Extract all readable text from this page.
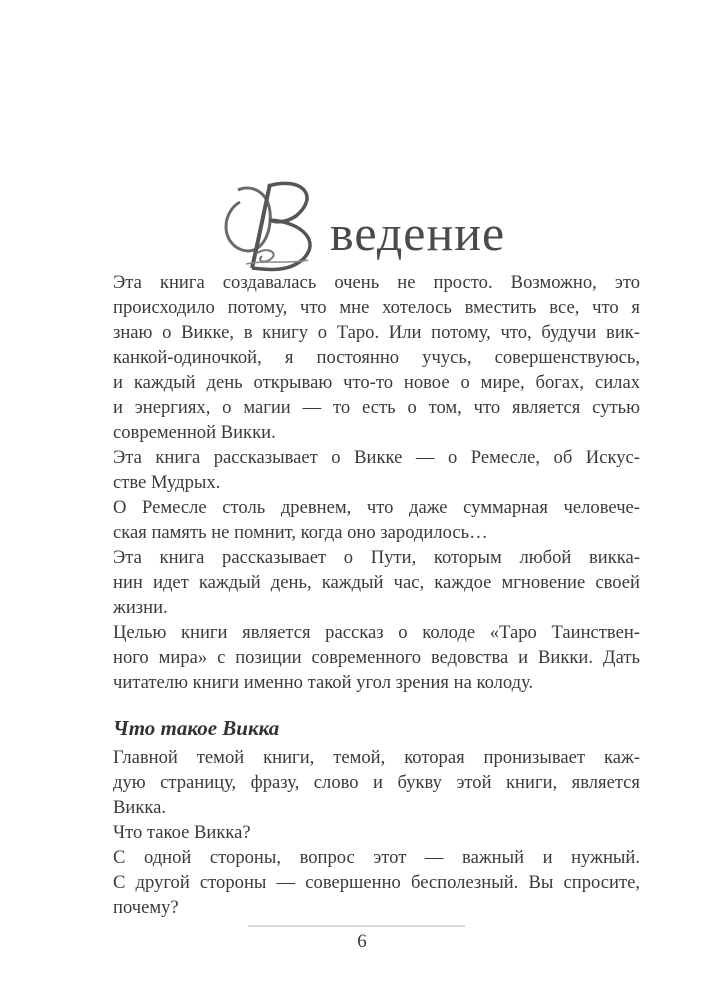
ведение
Эта книга создавалась очень не просто. Возможно, это
происходило потому, что мне хотелось вместить все, что я
знаю о Викке, в книгу о Таро. Или потому, что, будучи вик-
канкой-одиночкой, я постоянно учусь, совершенствуюсь,
и каждый день открываю что-то новое о мире, богах, силах
и энергиях, о магии — то есть о том, что является сутью
современной Викки.
Эта книга рассказывает о Викке — о Ремесле, об Искус-
стве Мудрых.
О Ремесле столь древнем, что даже суммарная человече-
ская память не помнит, когда оно зародилось…
Эта книга рассказывает о Пути, которым любой викка-
нин идет каждый день, каждый час, каждое мгновение своей
жизни.
Целью книги является рассказ о колоде «Таро Таинствен-
ного мира» с позиции современного ведовства и Викки. Дать
читателю книги именно такой угол зрения на колоду.
Что такое Викка
Главной темой книги, темой, которая пронизывает каж-
дую страницу, фразу, слово и букву этой книги, является
Викка.
Что такое Викка?
С одной стороны, вопрос этот — важный и нужный.
С другой стороны — совершенно бесполезный. Вы спросите,
почему?
6
